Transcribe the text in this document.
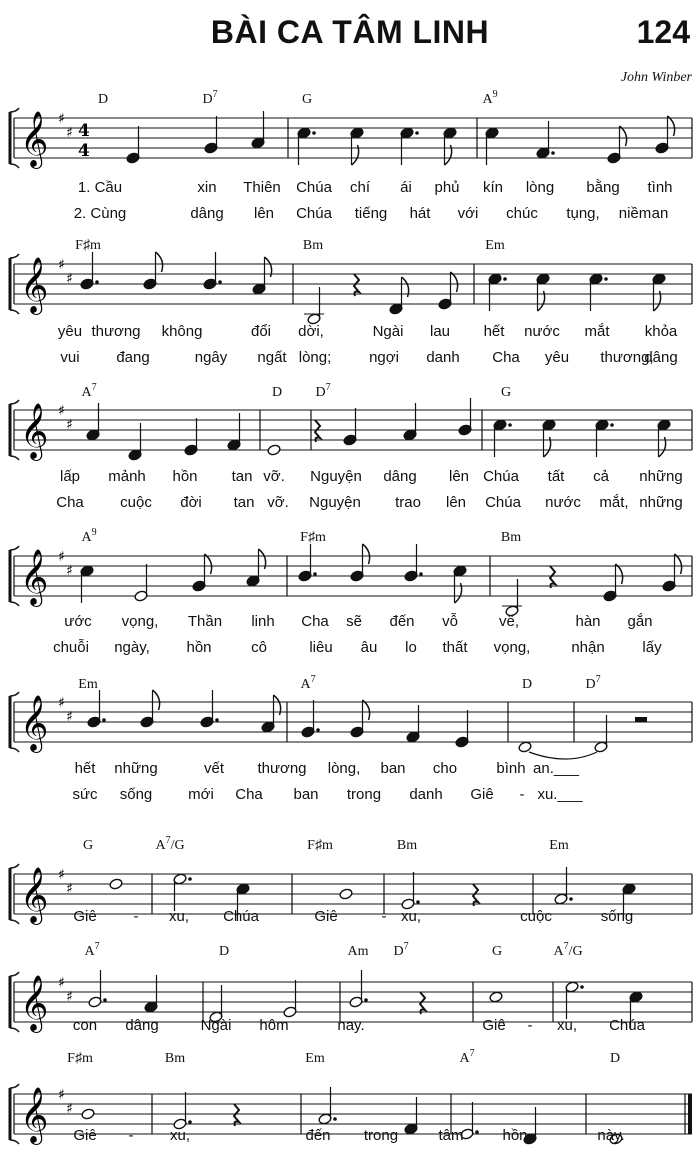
BÀI CA TÂM LINH	124
John Winber
𝄞 ♯
♯ 4
4
D	$D^7$	G	$A^9$
1. Cầu	xin Thiên Chúa chí ái phủ kín lòng bằng tình
2. Cùng	dâng lên Chúa tiếng hát với chúc tụng, niềm an
𝄞 ♯
♯
F♯m	Bm	Em
yêu thương không	đổi dời,	Ngài lau hết nước mắt khỏa
vui đang	ngây ngất lòng;	ngợi danh Cha yêu thương,
dâng
𝄞 ♯
♯
$A^7$	D $D^7$	G
lấp mảnh hồn tan vỡ. Nguyện dâng lên Chúa tất cả những
Cha cuộc đời tan vỡ. Nguyện trao lên Chúa nước mắt, những
𝄞 ♯
♯
$A^9$	F♯m	Bm
ước vọng, Thần linh Cha sẽ đến vỗ	về,	hàn gắn
chuỗi ngày, hồn	cô	liêu âu lo thất vọng,	nhận	lấy
𝄞 ♯
♯
Em	$A^7$	D	$D^7$
hết những	vết thương lòng, ban cho	bình an.___
sức sống mới Cha ban trong danh Giê - xu.___
𝄞 ♯
♯
G	$A^7/G$	F♯m	Bm	Em
Giê - xu, Chúa	Giê	- xu,	cuộc	sống
𝄞 ♯
♯
$A^7$	D	Am $D^7$	G	$A^7/G$
con dâng	Ngài hôm	nay.	Giê - xu, Chúa
𝄞 ♯
♯
F♯m	Bm	Em	$A^7$	D
Giê - xu,	đến trong	tâm	hồn	này.
